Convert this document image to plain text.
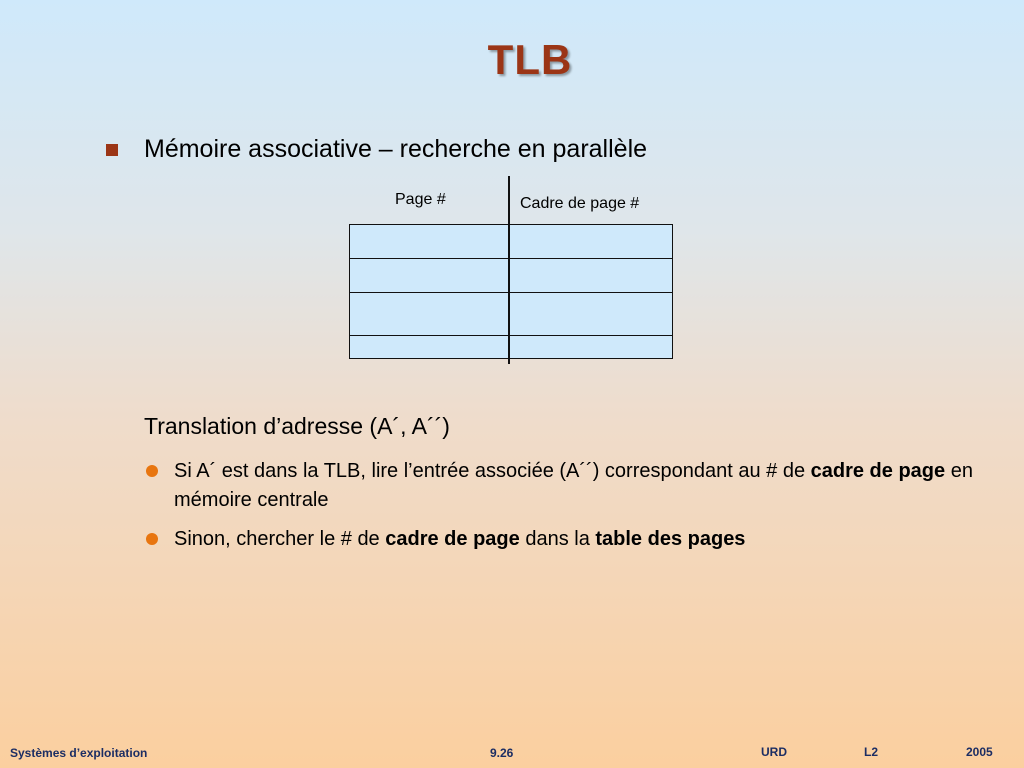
TLB
Mémoire associative – recherche en parallèle
Page #	Cadre de page #

Translation d’adresse (A´, A´´)
Si A´ est dans la TLB, lire l’entrée associée (A´´) correspondant au # de cadre de page en mémoire centrale
Sinon, chercher le # de cadre de page dans la table des pages
Systèmes d’exploitation	9.26	URD	L2	2005
